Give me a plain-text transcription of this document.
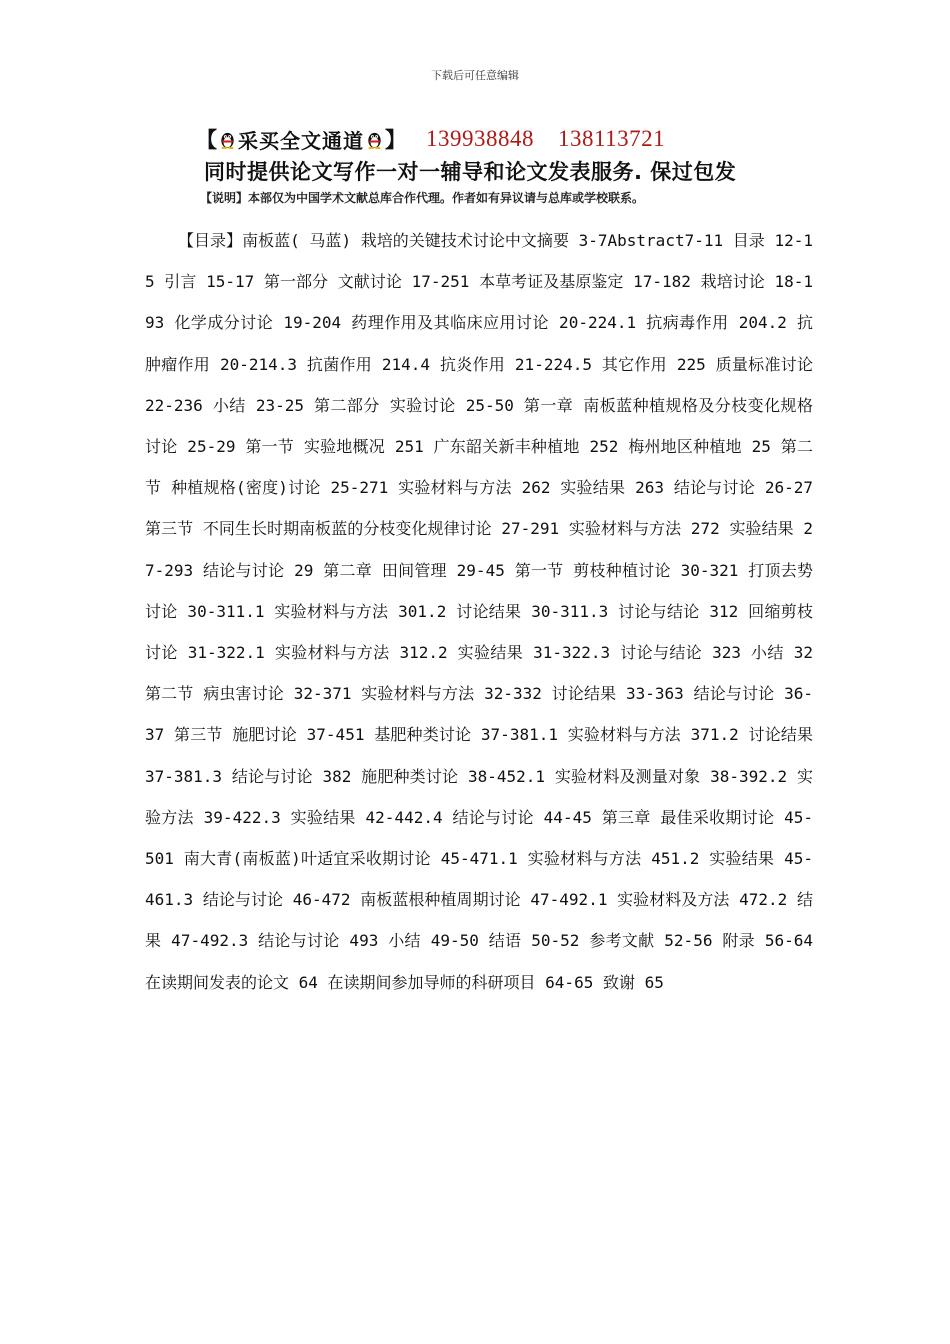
下载后可任意编辑
【 采买全文通道 】 139938848 138113721
同时提供论文写作一对一辅导和论文发表服务. 保过包发
【说明】本部仅为中国学术文献总库合作代理。作者如有异议请与总库或学校联系。

【目录】南板蓝( 马蓝) 栽培的关键技术讨论中文摘要 3-7Abstract7-11 目录 12-15 引言 15-17 第一部分 文献讨论 17-251 本草考证及基原鉴定 17-182 栽培讨论 18-193 化学成分讨论 19-204 药理作用及其临床应用讨论 20-224.1 抗病毒作用 204.2 抗肿瘤作用 20-214.3 抗菌作用 214.4 抗炎作用 21-224.5 其它作用 225 质量标准讨论 22-236 小结 23-25 第二部分 实验讨论 25-50 第一章 南板蓝种植规格及分枝变化规格讨论 25-29 第一节 实验地概况 251 广东韶关新丰种植地 252 梅州地区种植地 25 第二节 种植规格(密度)讨论 25-271 实验材料与方法 262 实验结果 263 结论与讨论 26-27 第三节 不同生长时期南板蓝的分枝变化规律讨论 27-291 实验材料与方法 272 实验结果 27-293 结论与讨论 29 第二章 田间管理 29-45 第一节 剪枝种植讨论 30-321 打顶去势讨论 30-311.1 实验材料与方法 301.2 讨论结果 30-311.3 讨论与结论 312 回缩剪枝讨论 31-322.1 实验材料与方法 312.2 实验结果 31-322.3 讨论与结论 323 小结 32 第二节 病虫害讨论 32-371 实验材料与方法 32-332 讨论结果 33-363 结论与讨论 36-37 第三节 施肥讨论 37-451 基肥种类讨论 37-381.1 实验材料与方法 371.2 讨论结果 37-381.3 结论与讨论 382 施肥种类讨论 38-452.1 实验材料及测量对象 38-392.2 实验方法 39-422.3 实验结果 42-442.4 结论与讨论 44-45 第三章 最佳采收期讨论 45-501 南大青(南板蓝)叶适宜采收期讨论 45-471.1 实验材料与方法 451.2 实验结果 45-461.3 结论与讨论 46-472 南板蓝根种植周期讨论 47-492.1 实验材料及方法 472.2 结果 47-492.3 结论与讨论 493 小结 49-50 结语 50-52 参考文献 52-56 附录 56-64 在读期间发表的论文 64 在读期间参加导师的科研项目 64-65 致谢 65
